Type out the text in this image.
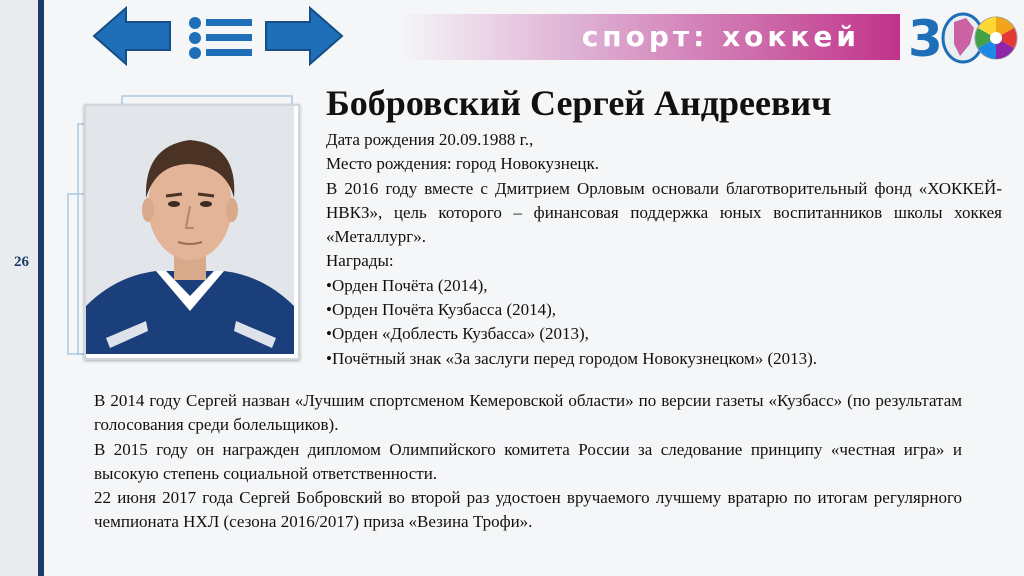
26
спорт: хоккей 3
Бобровский Сергей Андреевич

Дата рождения 20.09.1988 г.,

Место рождения: город Новокузнецк.

В 2016 году вместе с Дмитрием Орловым основали благотворительный фонд «ХОККЕЙ-НВКЗ», цель которого – финансовая поддержка юных воспитанников школы хоккея «Металлург».

Награды:

•Орден Почёта (2014),

•Орден Почёта Кузбасса (2014),

•Орден «Доблесть Кузбасса» (2013),

•Почётный знак «За заслуги перед городом Новокузнецком» (2013).

В 2014 году Сергей назван «Лучшим спортсменом Кемеровской области» по версии газеты «Кузбасс» (по результатам голосования среди болельщиков).

В 2015 году он награжден дипломом Олимпийского комитета России за следование принципу «честная игра» и высокую степень социальной ответственности.

22 июня 2017 года Сергей Бобровский во второй раз удостоен вручаемого лучшему вратарю по итогам регулярного чемпионата НХЛ (сезона 2016/2017) приза «Везина Трофи».
